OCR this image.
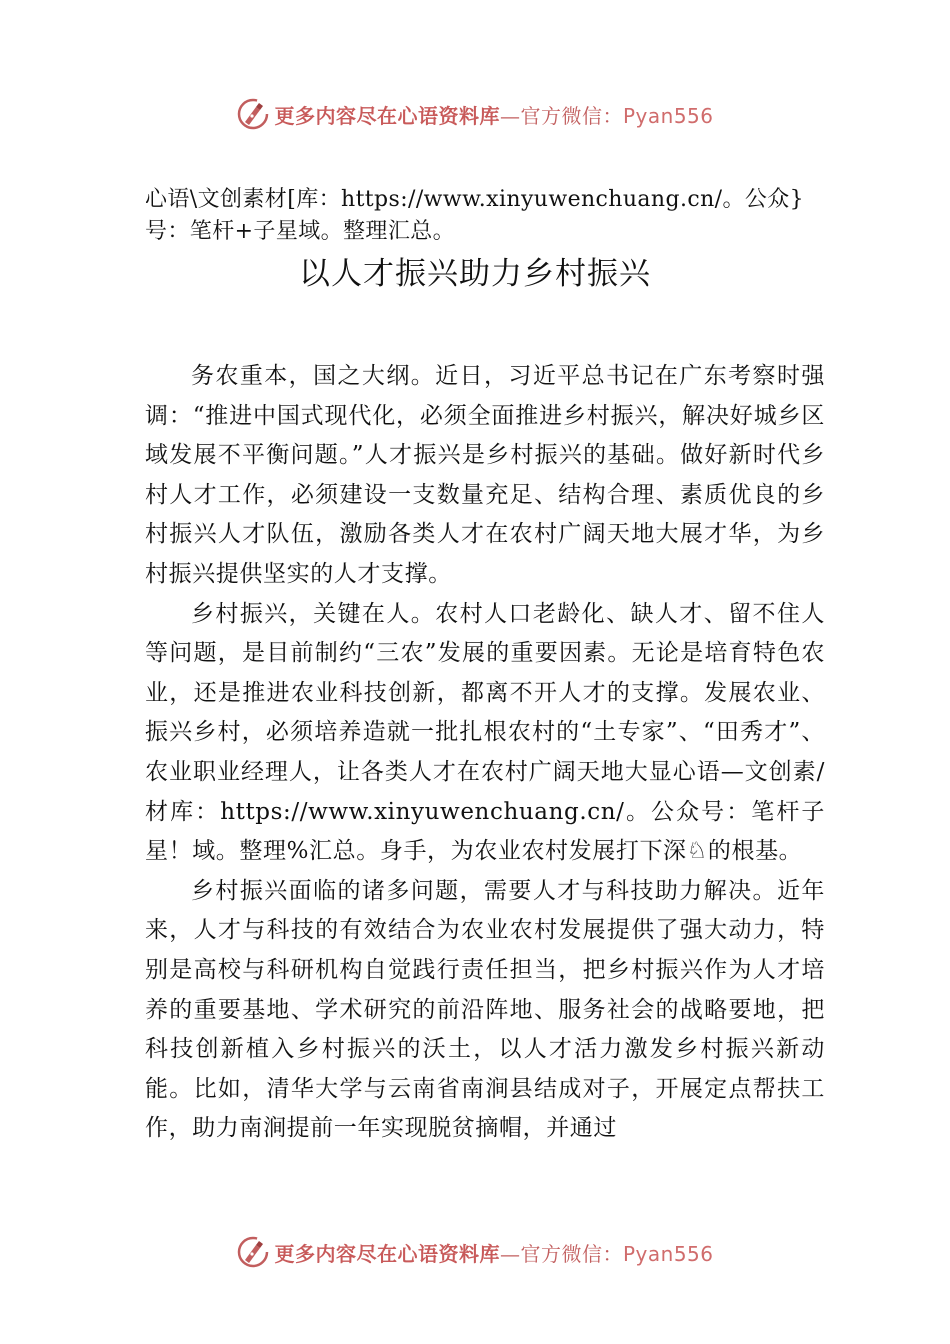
更多内容尽在心语资料库—官方微信：Pyan556

心语\文创素材[库：https://www.xinyuwenchuang.cn/。公众}号：笔杆+子星域。整理汇总。

以人才振兴助力乡村振兴

务农重本，国之大纲。近日，习近平总书记在广东考察时强调：“推进中国式现代化，必须全面推进乡村振兴，解决好城乡区域发展不平衡问题。”人才振兴是乡村振兴的基础。做好新时代乡村人才工作，必须建设一支数量充足、结构合理、素质优良的乡村振兴人才队伍，激励各类人才在农村广阔天地大展才华，为乡村振兴提供坚实的人才支撑。

乡村振兴，关键在人。农村人口老龄化、缺人才、留不住人等问题，是目前制约“三农”发展的重要因素。无论是培育特色农业，还是推进农业科技创新，都离不开人才的支撑。发展农业、振兴乡村，必须培养造就一批扎根农村的“土专家”、“田秀才”、农业职业经理人，让各类人才在农村广阔天地大显心语—文创素/材库：https://www.xinyuwenchuang.cn/。公众号：笔杆子星！域。整理%汇总。身手，为农业农村发展打下深♘的根基。

乡村振兴面临的诸多问题，需要人才与科技助力解决。近年来，人才与科技的有效结合为农业农村发展提供了强大动力，特别是高校与科研机构自觉践行责任担当，把乡村振兴作为人才培养的重要基地、学术研究的前沿阵地、服务社会的战略要地，把科技创新植入乡村振兴的沃土，以人才活力激发乡村振兴新动能。比如，清华大学与云南省南涧县结成对子，开展定点帮扶工作，助力南涧提前一年实现脱贫摘帽，并通过

更多内容尽在心语资料库—官方微信：Pyan556
